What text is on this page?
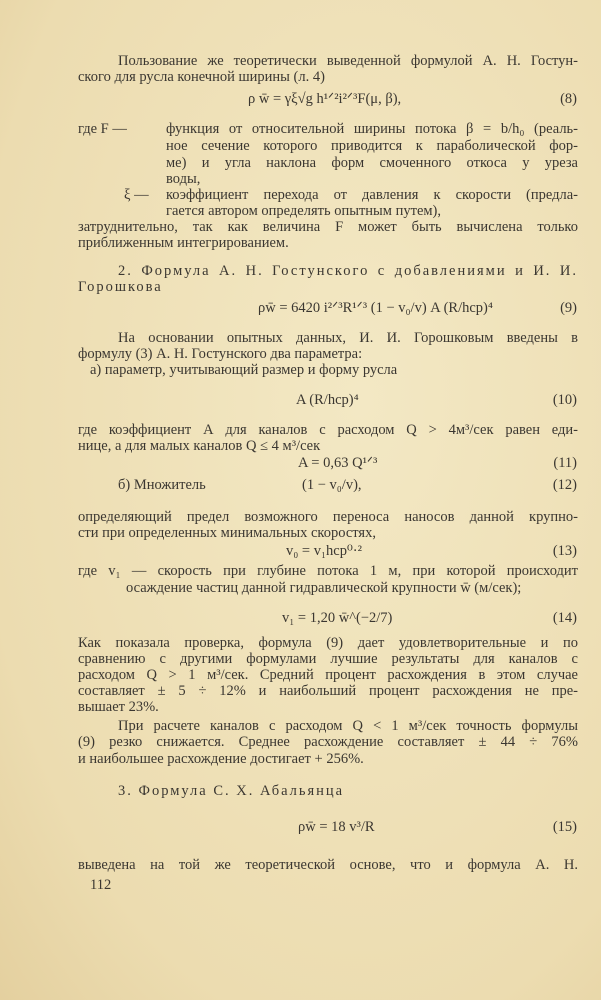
Пользование же теоретически выведенной формулой А. Н. Гостун-
ского для русла конечной ширины (л. 4)
ρ w̄ = γξ√g h¹ᐟ²i²ᐟ³F(μ, β),	(8)
где F —	функция от относительной ширины потока β = b/h₀ (реаль-
ное сечение которого приводится к параболической фор-
ме) и угла наклона форм смоченного откоса у уреза
воды,
ξ — коэффициент перехода от давления к скорости (предла-
гается автором определять опытным путем),
затруднительно, так как величина F может быть вычислена только
приближенным интегрированием.
2. Формула А. Н. Гостунского с добавлениями и И. И.
Горошкова
ρw̄ = 6420 i²ᐟ³R¹ᐟ³ (1 − v₀/v) A (R/hср)⁴	(9)
На основании опытных данных, И. И. Горошковым введены в
формулу (3) А. Н. Гостунского два параметра:
а) параметр, учитывающий размер и форму русла
A (R/hср)⁴	(10)
где коэффициент А для каналов с расходом Q > 4м³/сек равен еди-
нице, а для малых каналов Q ≤ 4 м³/сек
A = 0,63 Q¹ᐟ³	(11)
б) Множитель	(1 − v₀/v),	(12)
определяющий предел возможного переноса наносов данной крупно-
сти при определенных минимальных скоростях,
v₀ = v₁hср⁰·²	(13)
где v₁ — скорость при глубине потока 1 м, при которой происходит
осаждение частиц данной гидравлической крупности w̄ (м/сек);
v₁ = 1,20 w̄^(−2/7)	(14)
Как показала проверка, формула (9) дает удовлетворительные и по
сравнению с другими формулами лучшие результаты для каналов с
расходом Q > 1 м³/сек. Средний процент расхождения в этом случае
составляет ± 5 ÷ 12% и наибольший процент расхождения не пре-
вышает 23%.
При расчете каналов с расходом Q < 1 м³/сек точность формулы
(9) резко снижается. Среднее расхождение составляет ± 44 ÷ 76%
и наибольшее расхождение достигает + 256%.
3. Формула С. Х. Абальянца
ρw̄ = 18 v³/R	(15)
выведена на той же теоретической основе, что и формула А. Н.
112
